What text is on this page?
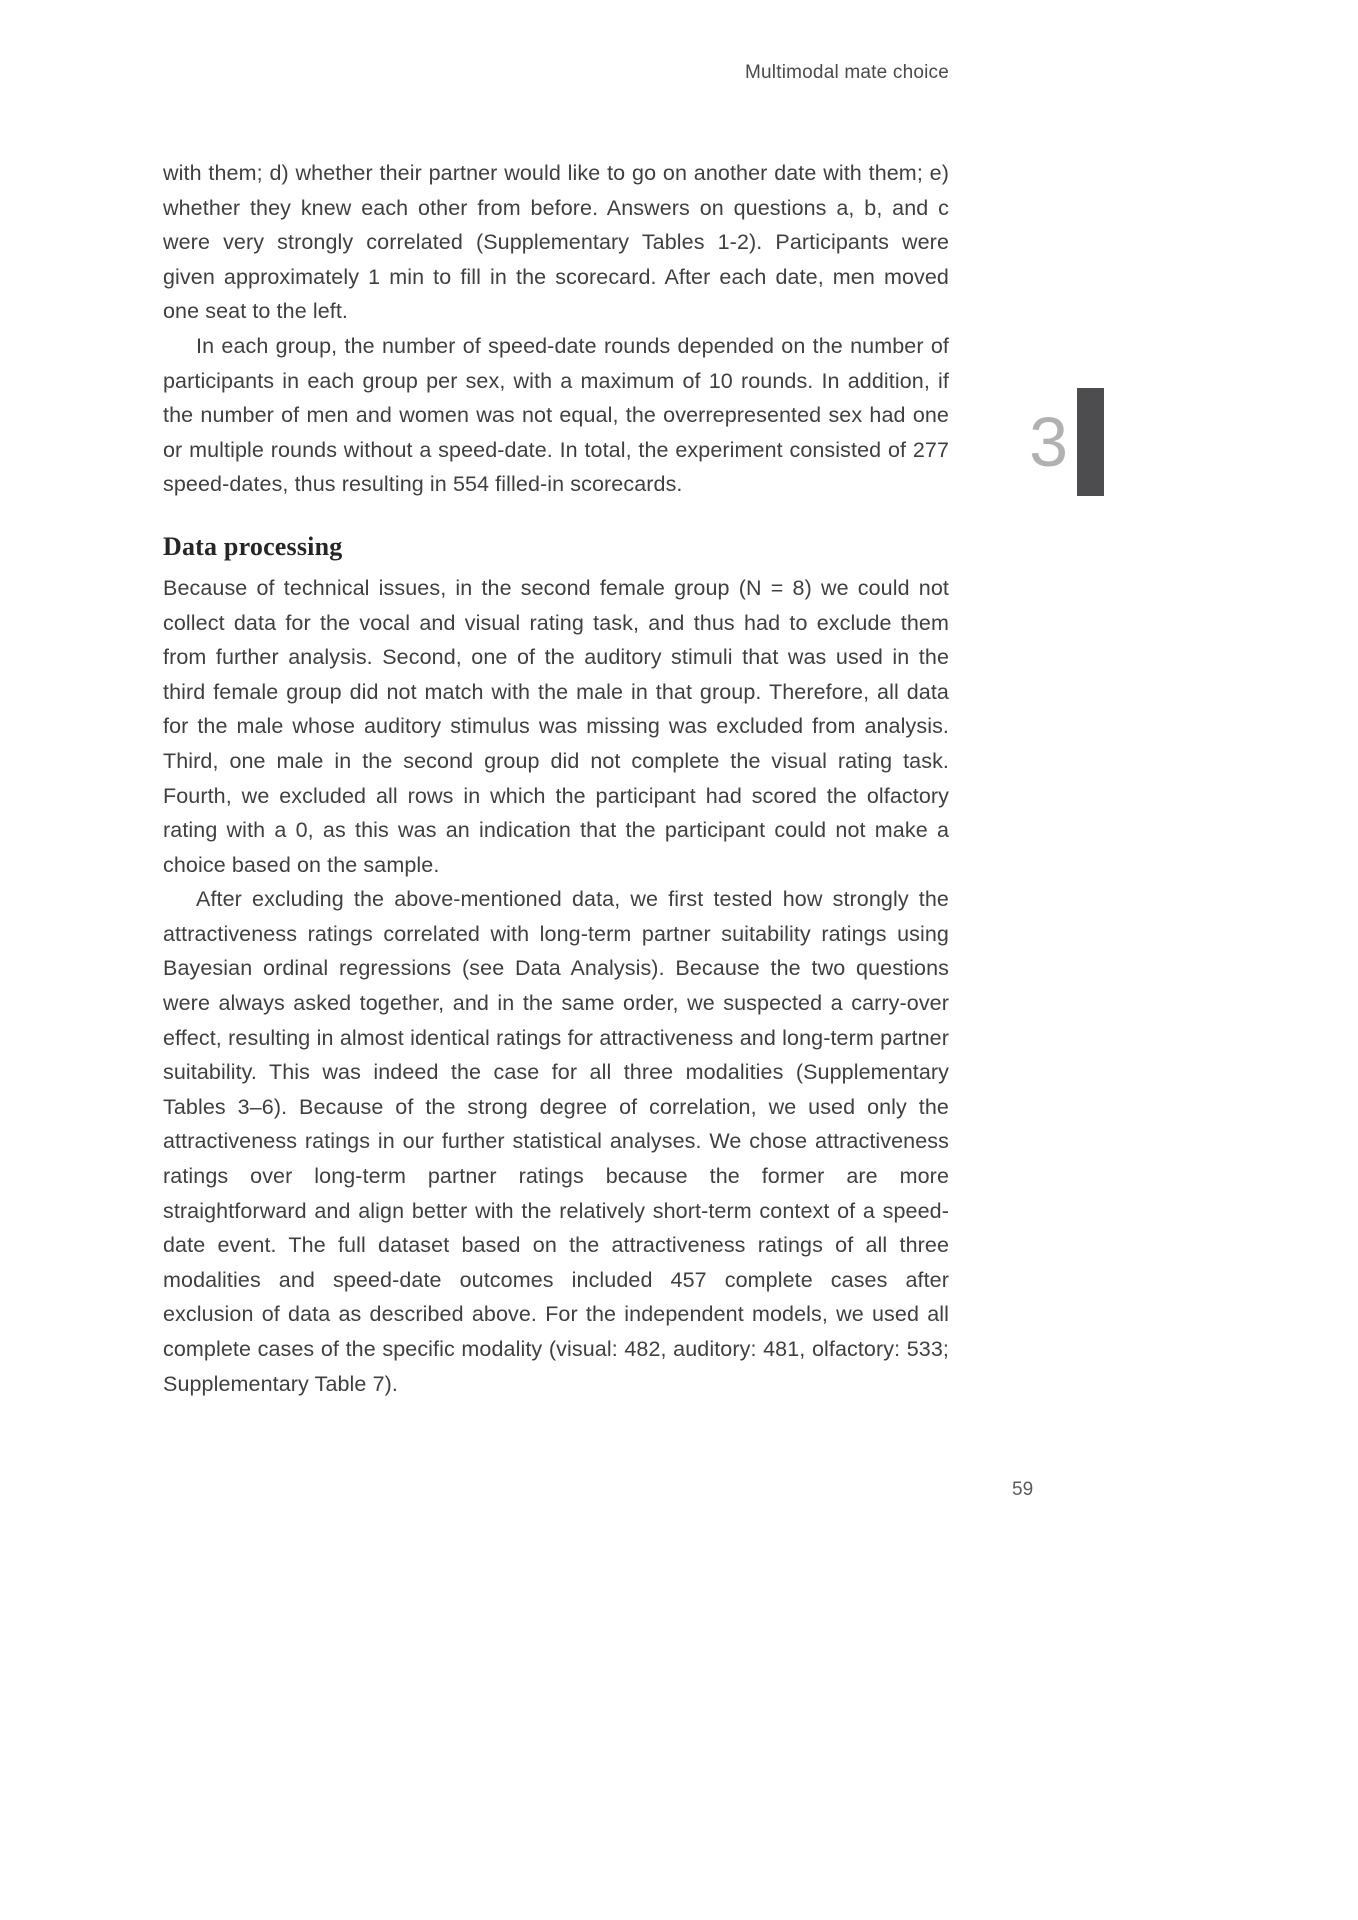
Multimodal mate choice

with them; d) whether their partner would like to go on another date with them; e) whether they knew each other from before. Answers on questions a, b, and c were very strongly correlated (Supplementary Tables 1-2). Participants were given approximately 1 min to fill in the scorecard. After each date, men moved one seat to the left.

In each group, the number of speed-date rounds depended on the number of participants in each group per sex, with a maximum of 10 rounds. In addition, if the number of men and women was not equal, the overrepresented sex had one or multiple rounds without a speed-date. In total, the experiment consisted of 277 speed-dates, thus resulting in 554 filled-in scorecards.

Data processing

Because of technical issues, in the second female group (N = 8) we could not collect data for the vocal and visual rating task, and thus had to exclude them from further analysis. Second, one of the auditory stimuli that was used in the third female group did not match with the male in that group. Therefore, all data for the male whose auditory stimulus was missing was excluded from analysis. Third, one male in the second group did not complete the visual rating task. Fourth, we excluded all rows in which the participant had scored the olfactory rating with a 0, as this was an indication that the participant could not make a choice based on the sample.

After excluding the above-mentioned data, we first tested how strongly the attractiveness ratings correlated with long-term partner suitability ratings using Bayesian ordinal regressions (see Data Analysis). Because the two questions were always asked together, and in the same order, we suspected a carry-over effect, resulting in almost identical ratings for attractiveness and long-term partner suitability. This was indeed the case for all three modalities (Supplementary Tables 3–6). Because of the strong degree of correlation, we used only the attractiveness ratings in our further statistical analyses. We chose attractiveness ratings over long-term partner ratings because the former are more straightforward and align better with the relatively short-term context of a speed-date event. The full dataset based on the attractiveness ratings of all three modalities and speed-date outcomes included 457 complete cases after exclusion of data as described above. For the independent models, we used all complete cases of the specific modality (visual: 482, auditory: 481, olfactory: 533; Supplementary Table 7).

3
59
